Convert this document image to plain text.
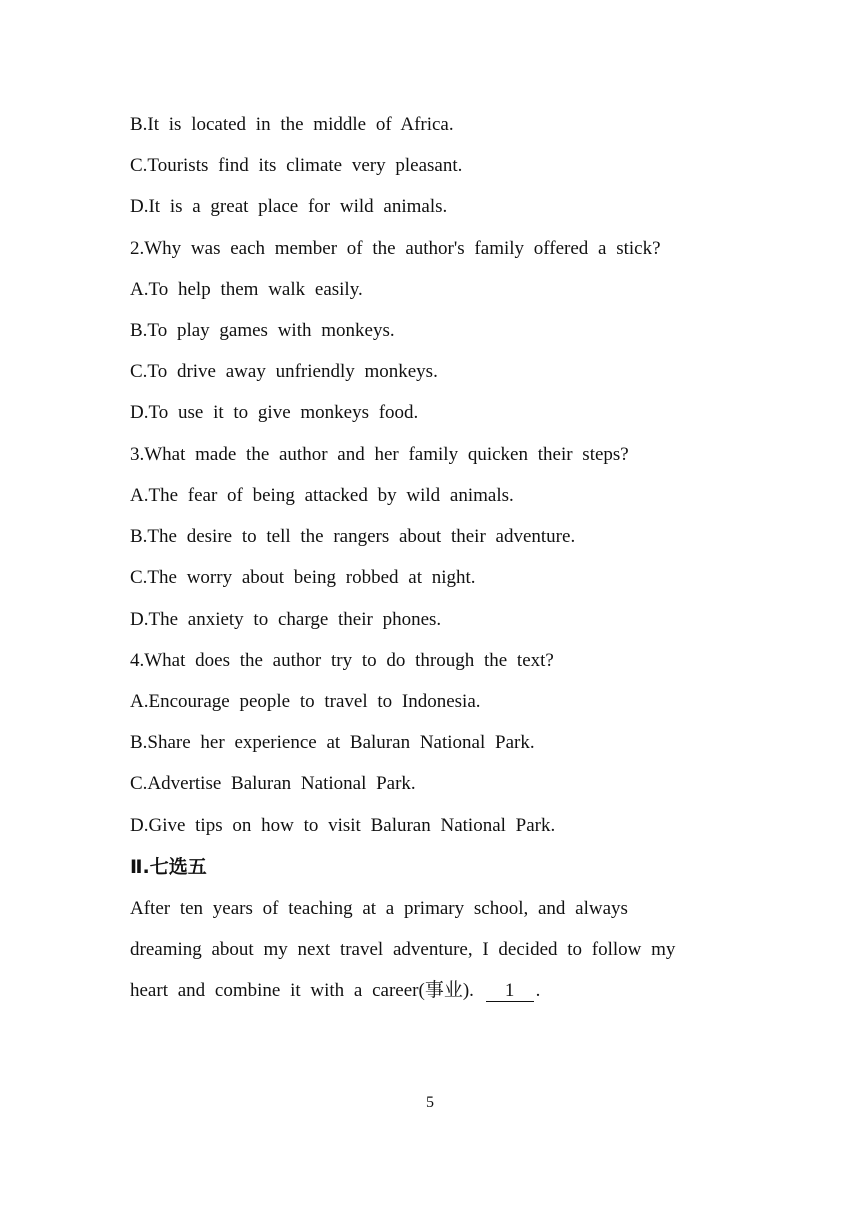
B.It is located in the middle of Africa.
C.Tourists find its climate very pleasant.
D.It is a great place for wild animals.
2.Why was each member of the author's family offered a stick?
A.To help them walk easily.
B.To play games with monkeys.
C.To drive away unfriendly monkeys.
D.To use it to give monkeys food.
3.What made the author and her family quicken their steps?
A.The fear of being attacked by wild animals.
B.The desire to tell the rangers about their adventure.
C.The worry about being robbed at night.
D.The anxiety to charge their phones.
4.What does the author try to do through the text?
A.Encourage people to travel to Indonesia.
B.Share her experience at Baluran National Park.
C.Advertise Baluran National Park.
D.Give tips on how to visit Baluran National Park.
Ⅱ.七选五
After ten years of teaching at a primary school, and always
dreaming about my next travel adventure, I decided to follow my
heart and combine it with a career(事业). 1 .
5
